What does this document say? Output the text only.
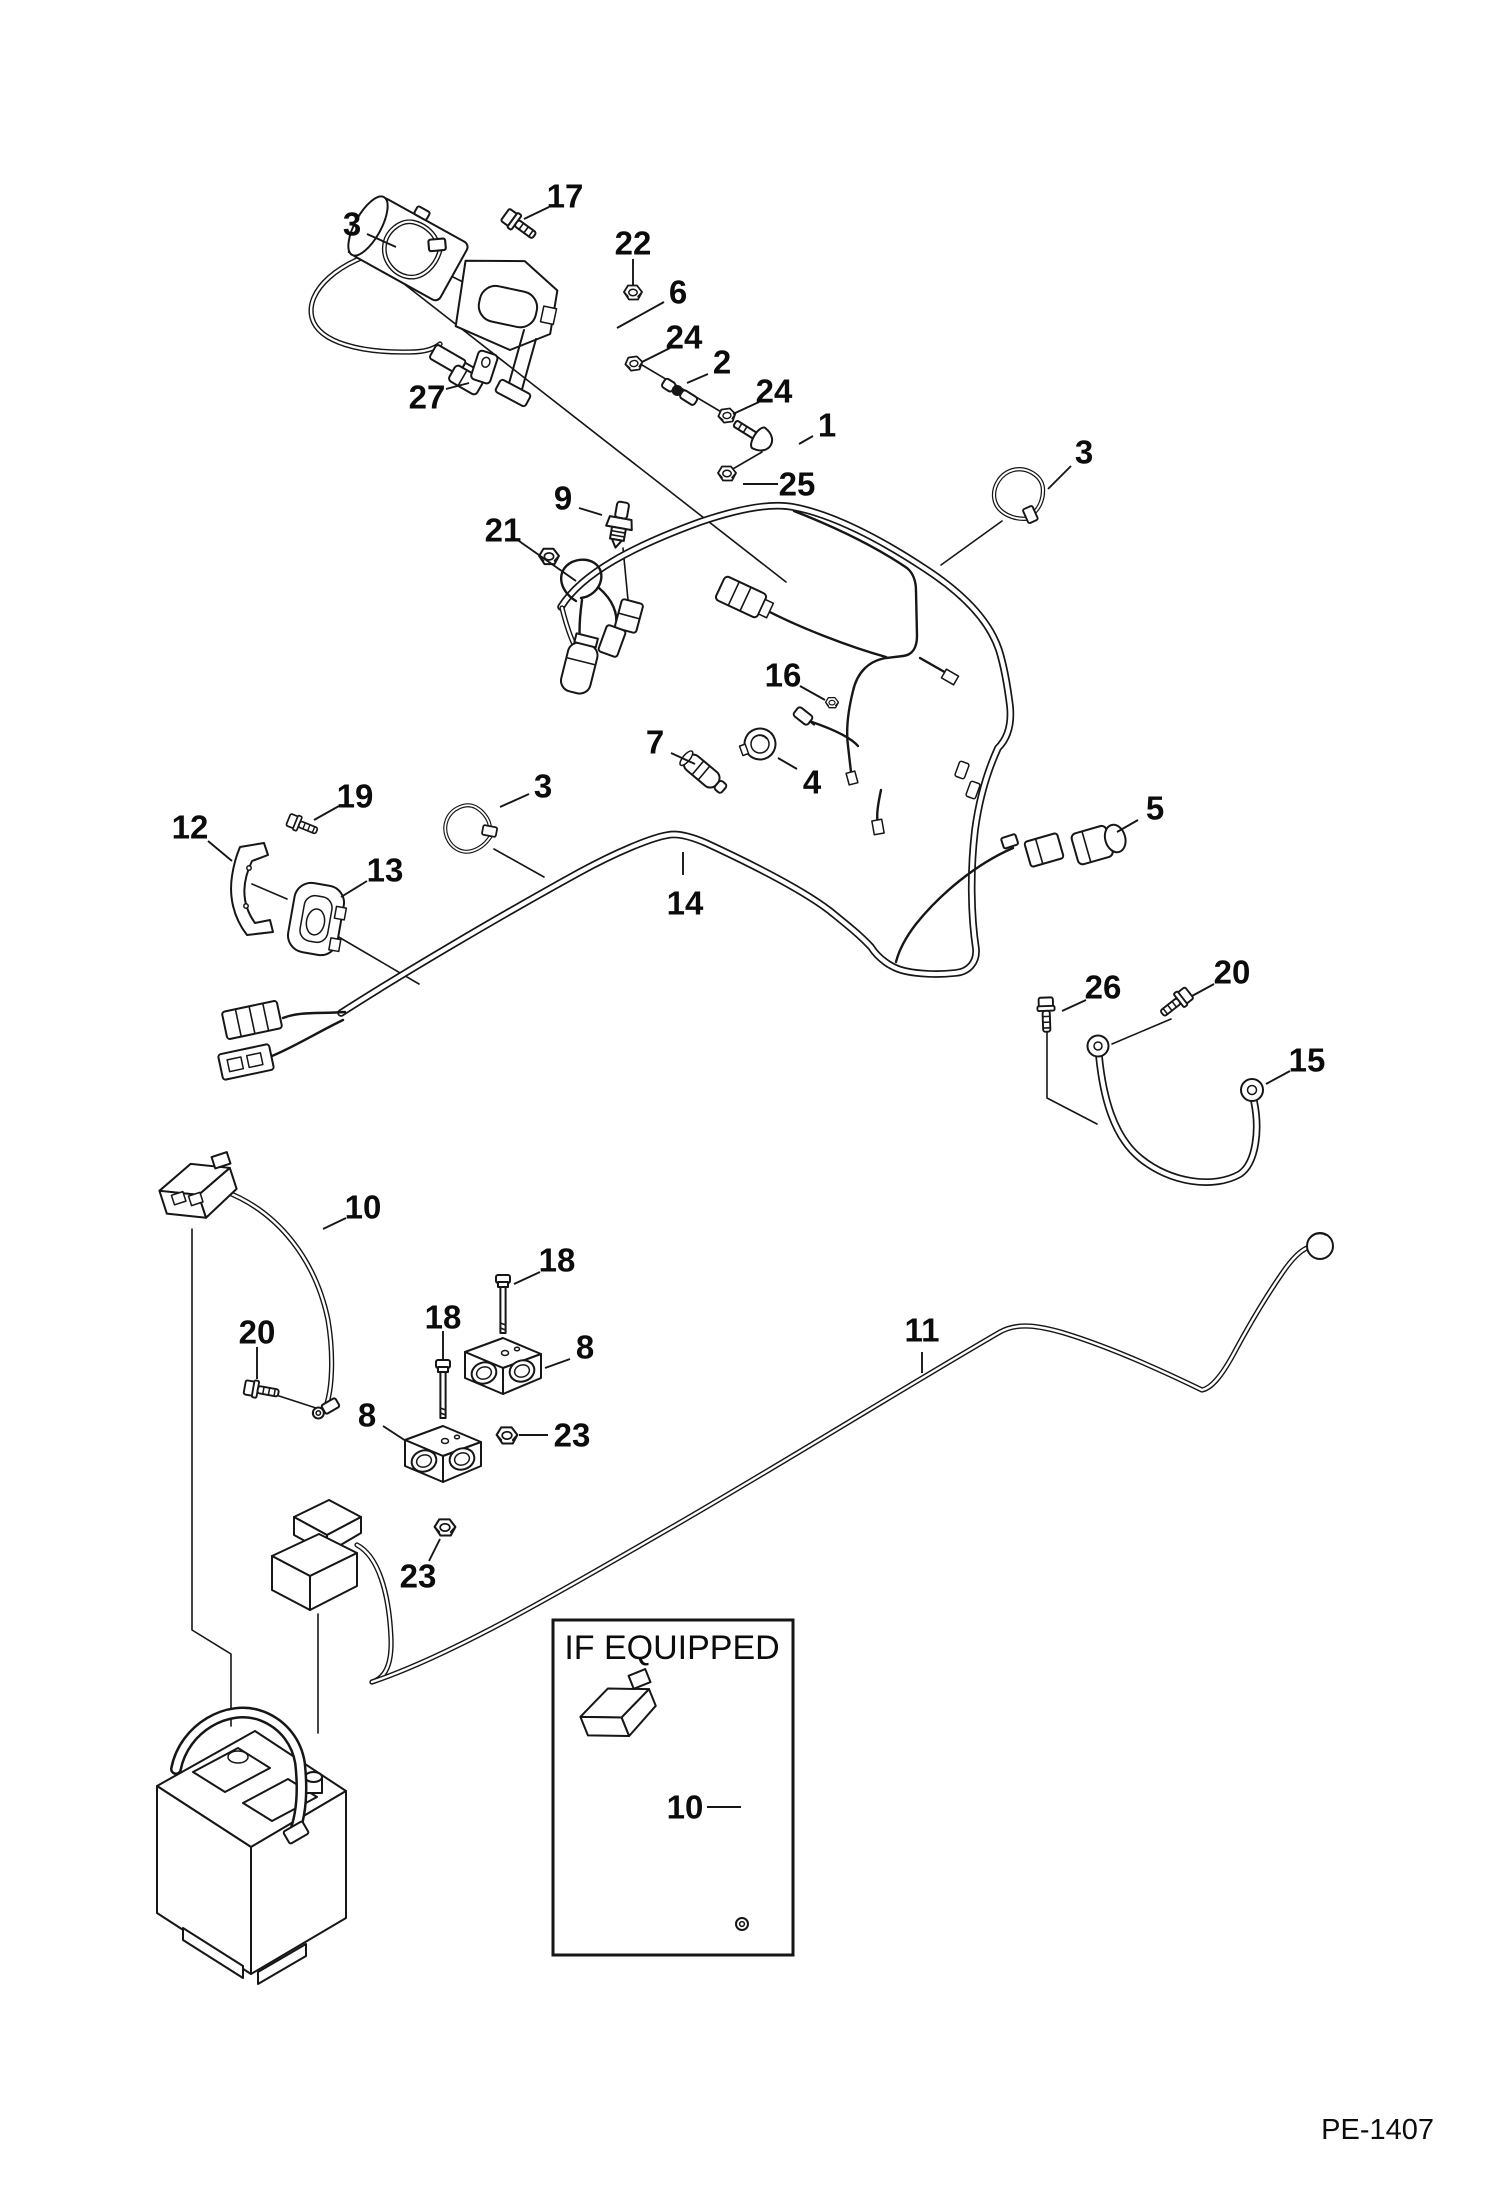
IF EQUIPPED
PE-1407
17
3
22
6
24
2
24
1
25
27
9
21
3
16
7
4
3
14
12
19
13
5
26	20
15
10
20	18
18
8
23
8
23
11
10
